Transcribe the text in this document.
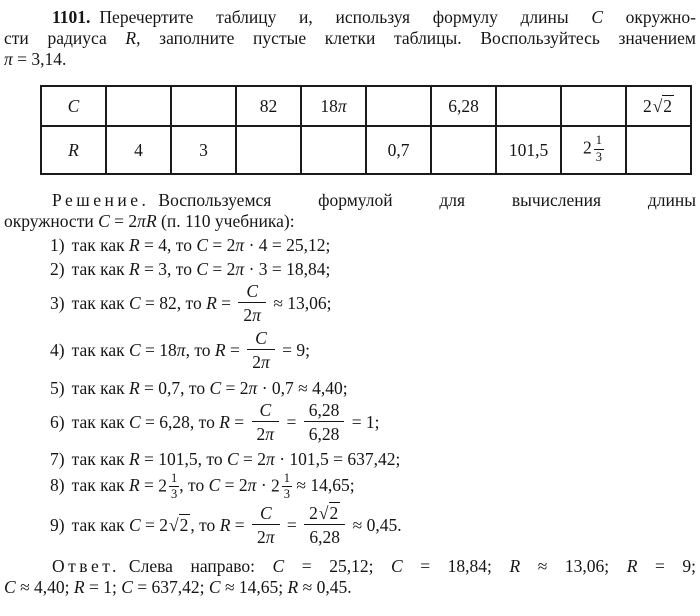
1101. Перечертите таблицу и, используя формулу длины C окружно-
сти радиуса R, заполните пустые клетки таблицы. Воспользуйтесь значением
π = 3,14.
C			82	18π		6,28			2√2
R	4	3			0,7		101,5	$2 \frac{1}{3}$

Решение. Воспользуемся формулой для вычисления длины
окружности C = 2πR (п. 110 учебника):
1) так как R = 4, то C = 2π · 4 = 25,12;
2) так как R = 3, то C = 2π · 3 = 18,84;
3) так как C = 82, то $R = \frac{C}{2\pi} \approx 13,06$;
4) так как C = 18π, то $R = \frac{C}{2\pi} = 9$;
5) так как R = 0,7, то C = 2π · 0,7 ≈ 4,40;
6) так как C = 6,28, то $R = \frac{C}{2\pi} = \frac{6,28}{6,28} = 1$;
7) так как R = 101,5, то C = 2π · 101,5 = 637,42;
8) так как $R = 2 \frac{1}{3}$ , то $C = 2\pi \cdot 2 \frac{1}{3} \approx 14,65$;
9) так как C = 2√2 , то $R = \frac{C}{2\pi} = \frac{2√2}{6,28} \approx 0,45$.
Ответ. Слева направо: C = 25,12; C = 18,84; R ≈ 13,06; R = 9;
C ≈ 4,40; R = 1; C = 637,42; C ≈ 14,65; R ≈ 0,45.
